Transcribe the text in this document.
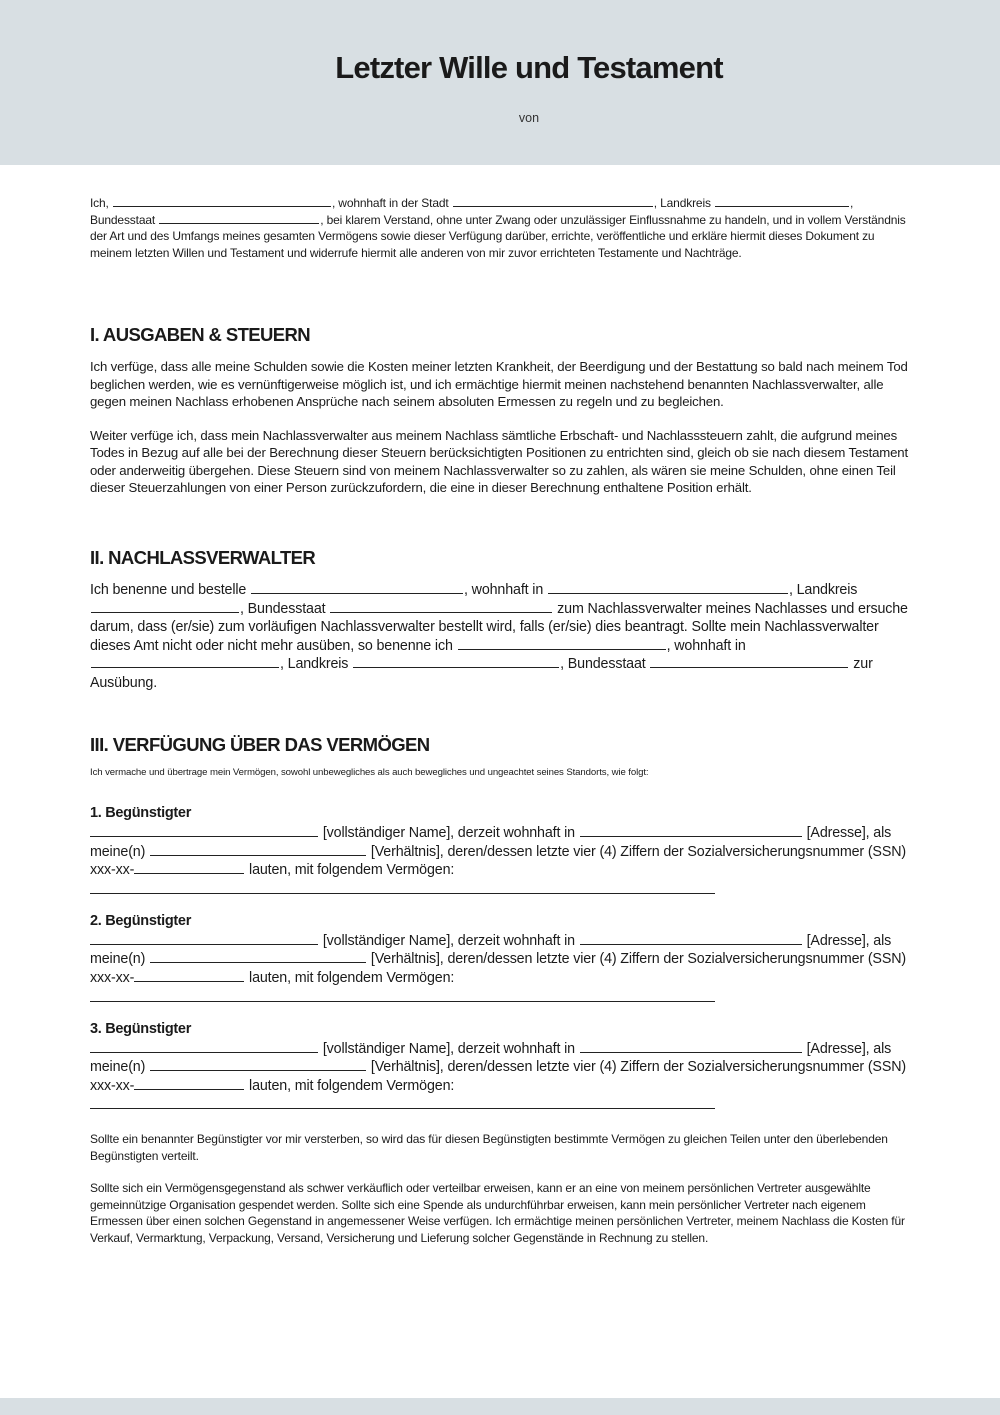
Letzter Wille und Testament
von

Ich,	, wohnhaft in der Stadt	, Landkreis	, Bundesstaat	, bei klarem Verstand, ohne unter Zwang oder unzulässiger Einflussnahme zu handeln, und in vollem Verständnis der Art und des Umfangs meines gesamten Vermögens sowie dieser Verfügung darüber, errichte, veröffentliche und erkläre hiermit dieses Dokument zu meinem letzten Willen und Testament und widerrufe hiermit alle anderen von mir zuvor errichteten Testamente und Nachträge.

I. AUSGABEN & STEUERN

Ich verfüge, dass alle meine Schulden sowie die Kosten meiner letzten Krankheit, der Beerdigung und der Bestattung so bald nach meinem Tod beglichen werden, wie es vernünftigerweise möglich ist, und ich ermächtige hiermit meinen nachstehend benannten Nachlassverwalter, alle gegen meinen Nachlass erhobenen Ansprüche nach seinem absoluten Ermessen zu regeln und zu begleichen.

Weiter verfüge ich, dass mein Nachlassverwalter aus meinem Nachlass sämtliche Erbschaft- und Nachlasssteuern zahlt, die aufgrund meines Todes in Bezug auf alle bei der Berechnung dieser Steuern berücksichtigten Positionen zu entrichten sind, gleich ob sie nach diesem Testament oder anderweitig übergehen. Diese Steuern sind von meinem Nachlassverwalter so zu zahlen, als wären sie meine Schulden, ohne einen Teil dieser Steuerzahlungen von einer Person zurückzufordern, die eine in dieser Berechnung enthaltene Position erhält.

II. NACHLASSVERWALTER

Ich benenne und bestelle	, wohnhaft in	, Landkreis , Bundesstaat	zum Nachlassverwalter meines Nachlasses und ersuche darum, dass (er/sie) zum vorläufigen Nachlassverwalter bestellt wird, falls (er/sie) dies beantragt. Sollte mein Nachlassverwalter dieses Amt nicht oder nicht mehr ausüben, so benenne ich	, wohnhaft in , Landkreis	, Bundesstaat	zur Ausübung.

III. VERFÜGUNG ÜBER DAS VERMÖGEN

Ich vermache und übertrage mein Vermögen, sowohl unbewegliches als auch bewegliches und ungeachtet seines Standorts, wie folgt:

1. Begünstigter

[vollständiger Name], derzeit wohnhaft in	[Adresse], als meine(n)	[Verhältnis], deren/dessen letzte vier (4) Ziffern der Sozialversicherungsnummer (SSN) xxx-xx-	lauten, mit folgendem Vermögen:

2. Begünstigter

[vollständiger Name], derzeit wohnhaft in	[Adresse], als meine(n)	[Verhältnis], deren/dessen letzte vier (4) Ziffern der Sozialversicherungsnummer (SSN) xxx-xx-	lauten, mit folgendem Vermögen:

3. Begünstigter

[vollständiger Name], derzeit wohnhaft in	[Adresse], als meine(n)	[Verhältnis], deren/dessen letzte vier (4) Ziffern der Sozialversicherungsnummer (SSN) xxx-xx-	lauten, mit folgendem Vermögen:

Sollte ein benannter Begünstigter vor mir versterben, so wird das für diesen Begünstigten bestimmte Vermögen zu gleichen Teilen unter den überlebenden Begünstigten verteilt.

Sollte sich ein Vermögensgegenstand als schwer verkäuflich oder verteilbar erweisen, kann er an eine von meinem persönlichen Vertreter ausgewählte gemeinnützige Organisation gespendet werden. Sollte sich eine Spende als undurchführbar erweisen, kann mein persönlicher Vertreter nach eigenem Ermessen über einen solchen Gegenstand in angemessener Weise verfügen. Ich ermächtige meinen persönlichen Vertreter, meinem Nachlass die Kosten für Verkauf, Vermarktung, Verpackung, Versand, Versicherung und Lieferung solcher Gegenstände in Rechnung zu stellen.
